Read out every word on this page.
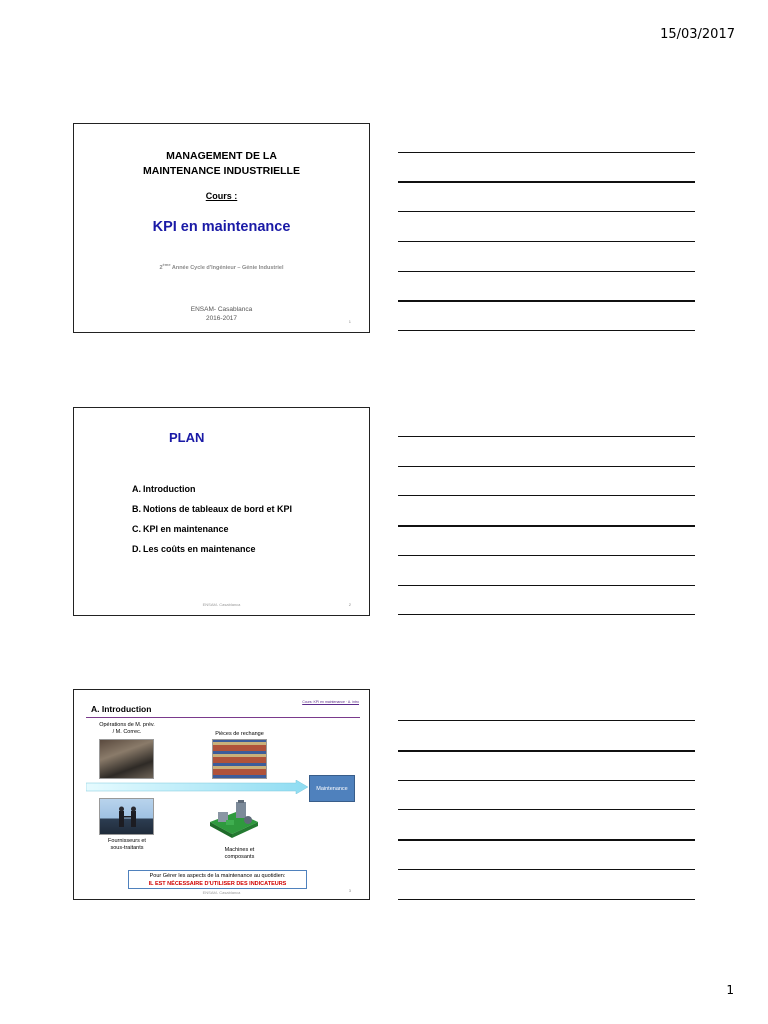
15/03/2017
MANAGEMENT DE LA
MAINTENANCE INDUSTRIELLE
Cours :
KPI en maintenance
2ème Année Cycle d'Ingénieur – Génie Industriel
ENSAM- Casablanca
2016-2017	1
PLAN
A. Introduction
B. Notions de tableaux de bord et KPI
C. KPI en maintenance
D. Les coûts en maintenance
ENSAM- Casablanca	2
A. Introduction
Cours: KPI en maintenance · A. intro
Opérations de M. prév.
/ M. Correc.	Pièces de rechange
Maintenance
Fournisseurs et
sous-traitants	Machines et
composants
Pour Gérer les aspects de la maintenance au quotidien:
IL EST NÉCESSAIRE D'UTILISER DES INDICATEURS
ENSAM- Casablanca	3
1
